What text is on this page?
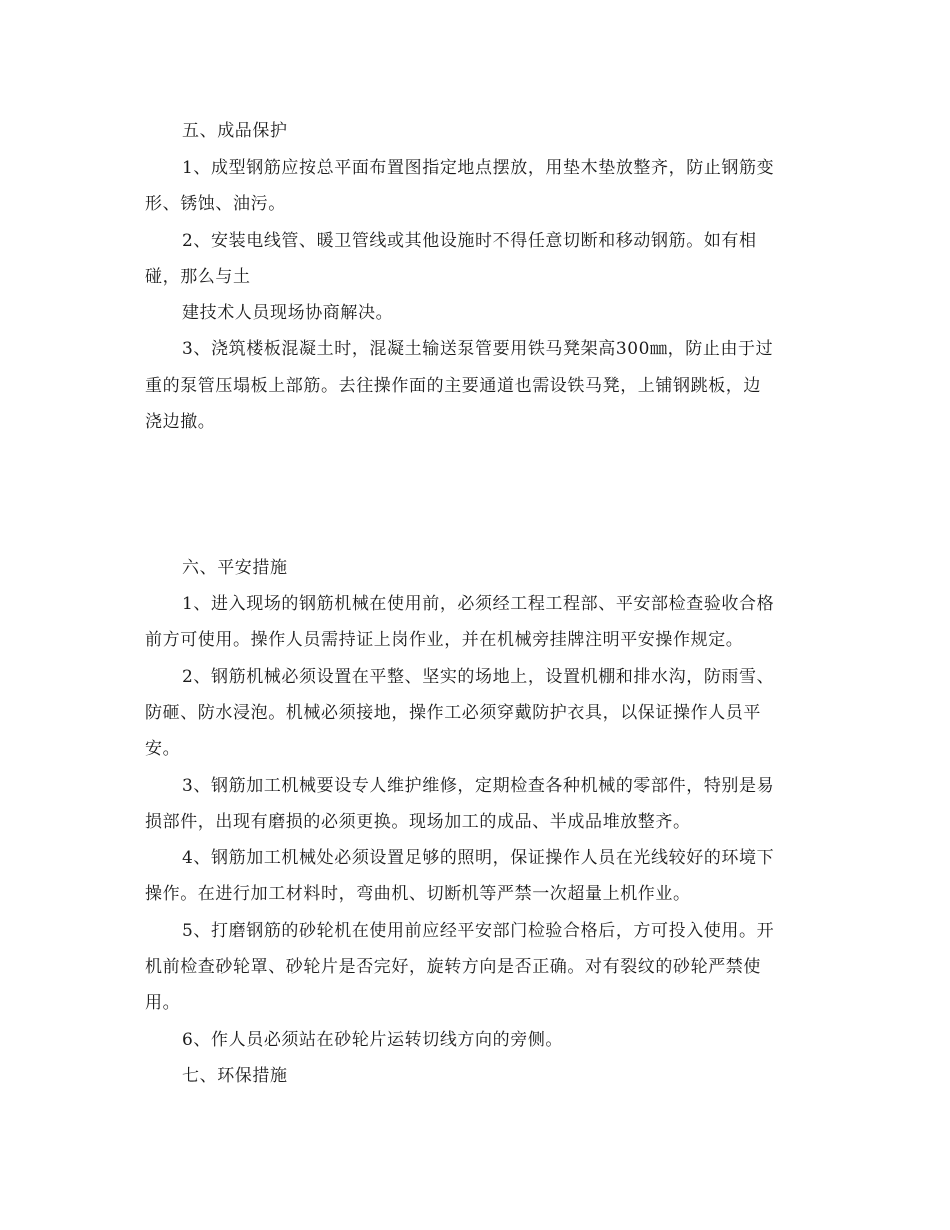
五、成品保护
1、成型钢筋应按总平面布置图指定地点摆放，用垫木垫放整齐，防止钢筋变
形、锈蚀、油污。
2、安装电线管、暖卫管线或其他设施时不得任意切断和移动钢筋。如有相
碰，那么与土
建技术人员现场协商解决。
3、浇筑楼板混凝土时，混凝土输送泵管要用铁马凳架高300㎜，防止由于过
重的泵管压塌板上部筋。去往操作面的主要通道也需设铁马凳，上铺钢跳板，边
浇边撤。
六、平安措施
1、进入现场的钢筋机械在使用前，必须经工程工程部、平安部检查验收合格
前方可使用。操作人员需持证上岗作业，并在机械旁挂牌注明平安操作规定。
2、钢筋机械必须设置在平整、坚实的场地上，设置机棚和排水沟，防雨雪、
防砸、防水浸泡。机械必须接地，操作工必须穿戴防护衣具，以保证操作人员平
安。
3、钢筋加工机械要设专人维护维修，定期检查各种机械的零部件，特别是易
损部件，出现有磨损的必须更换。现场加工的成品、半成品堆放整齐。
4、钢筋加工机械处必须设置足够的照明，保证操作人员在光线较好的环境下
操作。在进行加工材料时，弯曲机、切断机等严禁一次超量上机作业。
5、打磨钢筋的砂轮机在使用前应经平安部门检验合格后，方可投入使用。开
机前检查砂轮罩、砂轮片是否完好，旋转方向是否正确。对有裂纹的砂轮严禁使
用。
6、作人员必须站在砂轮片运转切线方向的旁侧。
七、环保措施
